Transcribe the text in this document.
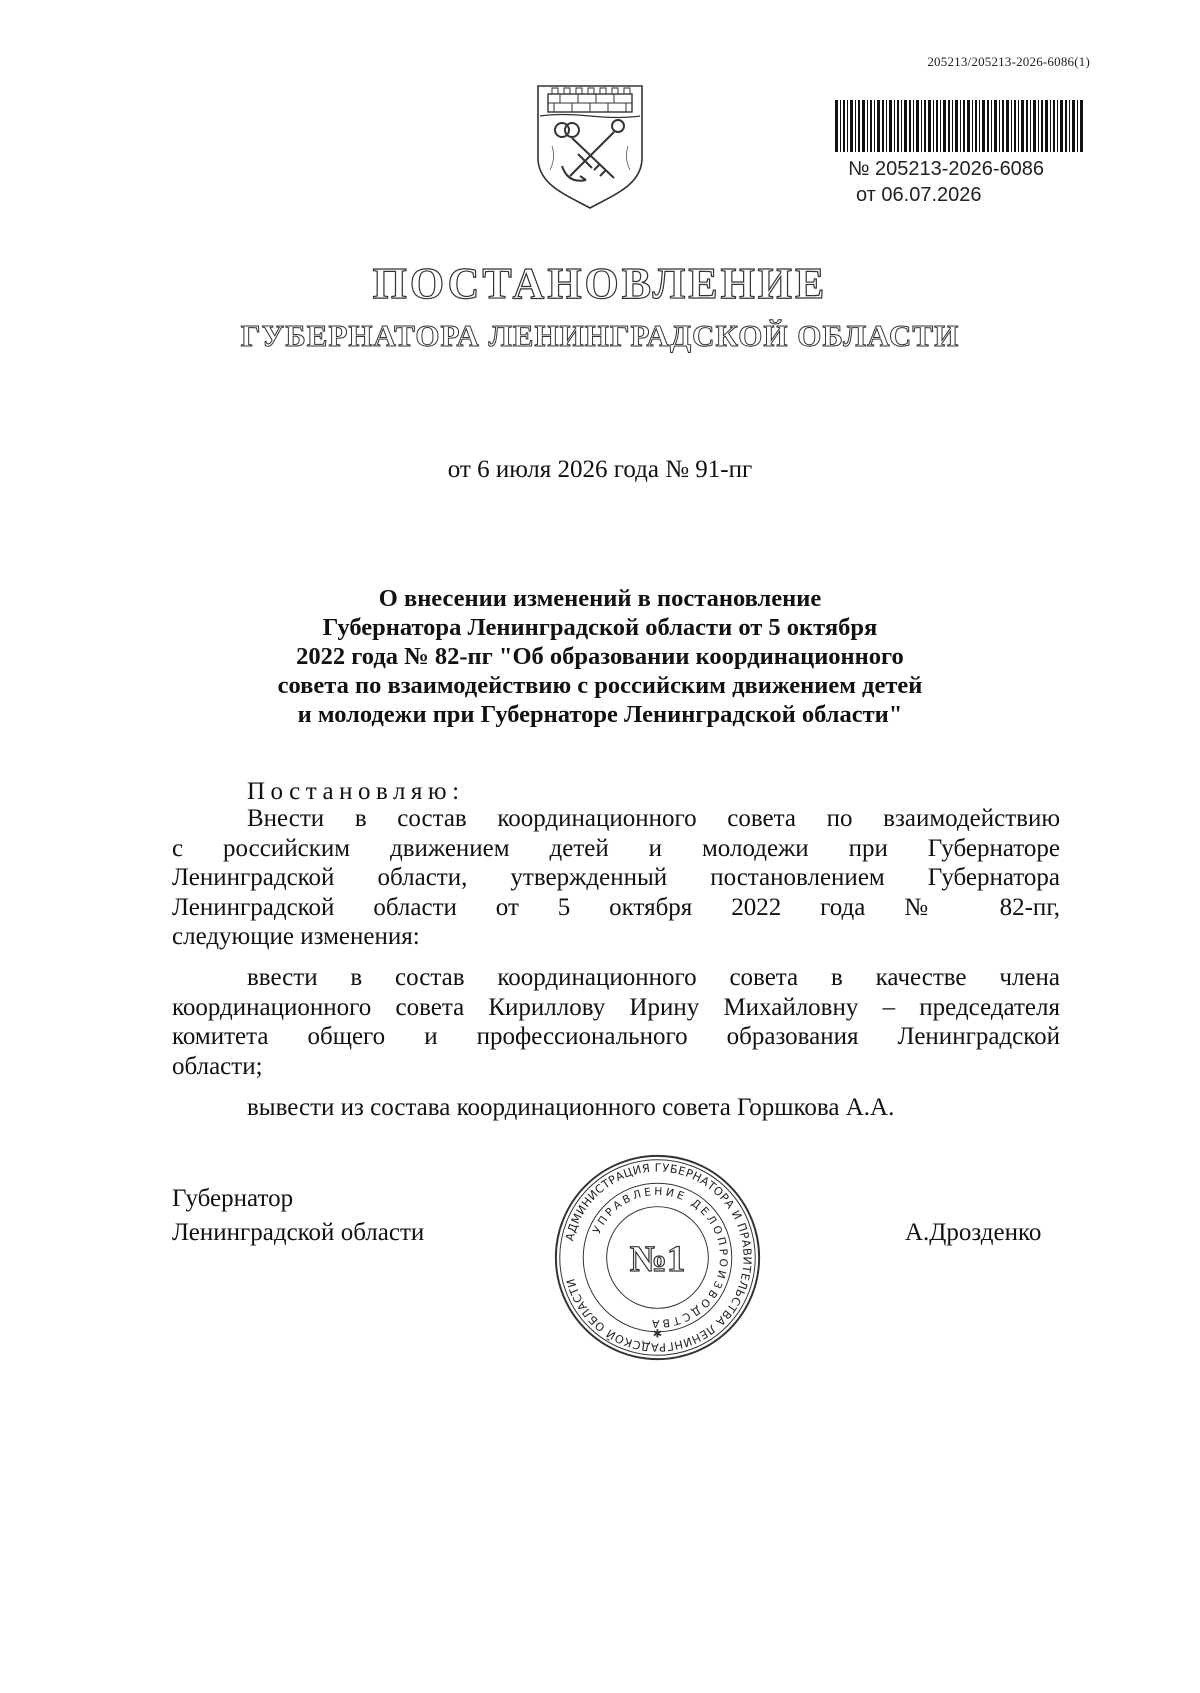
205213/205213-2026-6086(1)
№ 205213-2026-6086
от 06.07.2026
ПОСТАНОВЛЕНИЕ
ГУБЕРНАТОРА ЛЕНИНГРАДСКОЙ ОБЛАСТИ
от 6 июля 2026 года № 91-пг
О внесении изменений в постановление
Губернатора Ленинградской области от 5 октября
2022 года № 82-пг "Об образовании координационного
совета по взаимодействию с российским движением детей
и молодежи при Губернаторе Ленинградской области"
Постановляю:
Внести в состав координационного совета по взаимодействию
с российским движением детей и молодежи при Губернаторе
Ленинградской области, утвержденный постановлением Губернатора
Ленинградской области от 5 октября 2022 года № 82-пг,
следующие изменения:
ввести в состав координационного совета в качестве члена
координационного совета Кириллову Ирину Михайловну – председателя
комитета общего и профессионального образования Ленинградской
области;
вывести из состава координационного совета Горшкова А.А.
Губернатор
Ленинградской области	А.Дрозденко
АДМИНИСТРАЦИЯ ГУБЕРНАТОРА И ПРАВИТЕЛЬСТВА ЛЕНИНГРАДСКОЙ ОБЛАСТИ
УПРАВЛЕНИЕ ДЕЛОПРОИЗВОДСТВА
№1
✱
